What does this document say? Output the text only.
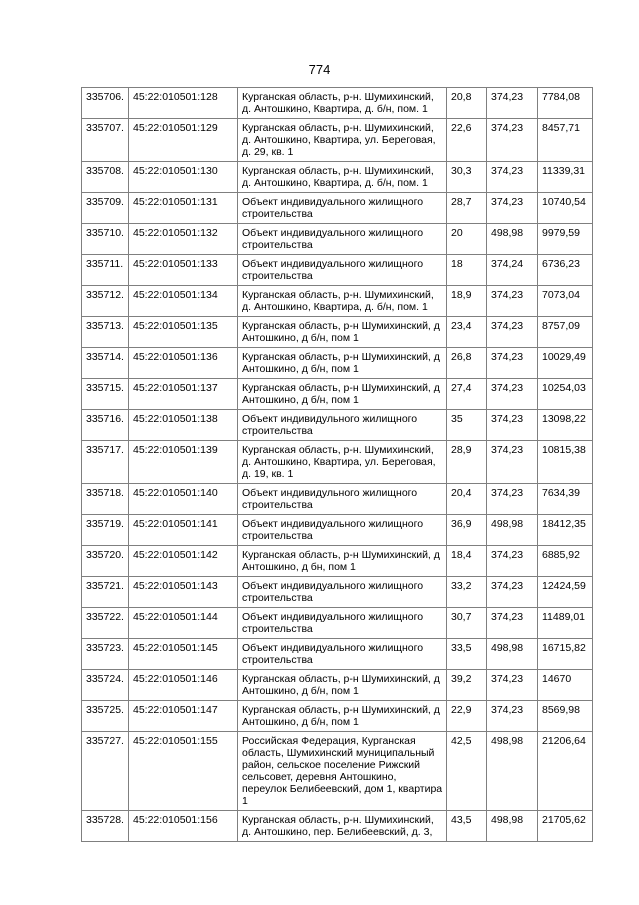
774
335706.	45:22:010501:128	Курганская область, р-н. Шумихинский, д. Антошкино, Квартира, д. б/н, пом. 1	20,8	374,23	7784,08
335707.	45:22:010501:129	Курганская область, р-н. Шумихинский, д. Антошкино, Квартира, ул. Береговая, д. 29, кв. 1	22,6	374,23	8457,71
335708.	45:22:010501:130	Курганская область, р-н. Шумихинский, д. Антошкино, Квартира, д. б/н, пом. 1	30,3	374,23	11339,31
335709.	45:22:010501:131	Объект индивидуального жилищного строительства	28,7	374,23	10740,54
335710.	45:22:010501:132	Объект индивидуального жилищного строительства	20	498,98	9979,59
335711.	45:22:010501:133	Объект индивидуального жилищного строительства	18	374,24	6736,23
335712.	45:22:010501:134	Курганская область, р-н. Шумихинский, д. Антошкино, Квартира, д. б/н, пом. 1	18,9	374,23	7073,04
335713.	45:22:010501:135	Курганская область, р-н Шумихинский, д Антошкино, д б/н, пом 1	23,4	374,23	8757,09
335714.	45:22:010501:136	Курганская область, р-н Шумихинский, д Антошкино, д б/н, пом 1	26,8	374,23	10029,49
335715.	45:22:010501:137	Курганская область, р-н Шумихинский, д Антошкино, д б/н, пом 1	27,4	374,23	10254,03
335716.	45:22:010501:138	Объект индивидульного жилищного строительства	35	374,23	13098,22
335717.	45:22:010501:139	Курганская область, р-н. Шумихинский, д. Антошкино, Квартира, ул. Береговая, д. 19, кв. 1	28,9	374,23	10815,38
335718.	45:22:010501:140	Объект индивидульного жилищного строительства	20,4	374,23	7634,39
335719.	45:22:010501:141	Объект индивидуального жилищного строительства	36,9	498,98	18412,35
335720.	45:22:010501:142	Курганская область, р-н Шумихинский, д Антошкино, д бн, пом 1	18,4	374,23	6885,92
335721.	45:22:010501:143	Объект индивидуального жилищного строительства	33,2	374,23	12424,59
335722.	45:22:010501:144	Объект индивидуального жилищного строительства	30,7	374,23	11489,01
335723.	45:22:010501:145	Объект индивидуального жилищного строительства	33,5	498,98	16715,82
335724.	45:22:010501:146	Курганская область, р-н Шумихинский, д Антошкино, д б/н, пом 1	39,2	374,23	14670
335725.	45:22:010501:147	Курганская область, р-н Шумихинский, д Антошкино, д б/н, пом 1	22,9	374,23	8569,98
335727.	45:22:010501:155	Российская Федерация, Курганская область, Шумихинский муниципальный район, сельское поселение Рижский сельсовет, деревня Антошкино, переулок Белибеевский, дом 1, квартира 1	42,5	498,98	21206,64
335728.	45:22:010501:156	Курганская область, р-н. Шумихинский, д. Антошкино, пер. Белибеевский, д. 3,	43,5	498,98	21705,62
